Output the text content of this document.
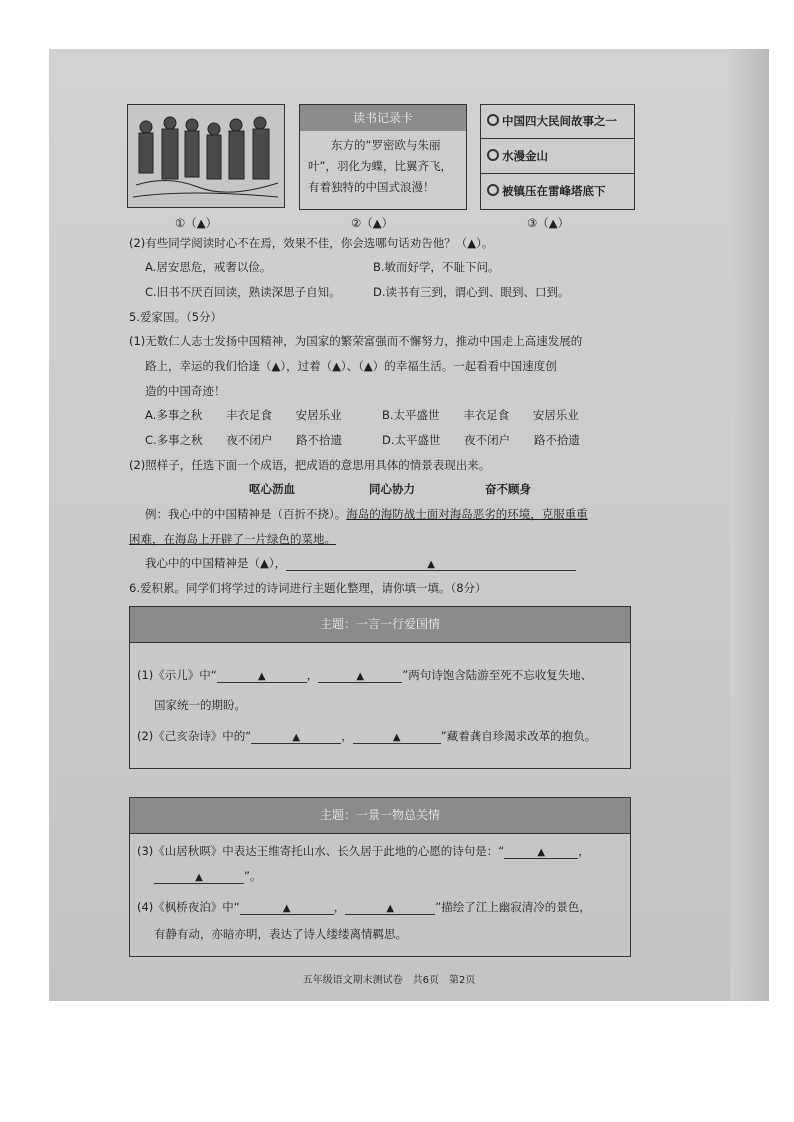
读书记录卡
东方的“罗密欧与朱丽叶”，羽化为蝶，比翼齐飞，有着独特的中国式浪漫！
中国四大民间故事之一
水漫金山
被镇压在雷峰塔底下
①（▲）	②（▲）	③（▲）
(2)有些同学阅读时心不在焉，效果不佳，你会选哪句话劝告他？（▲）。
A.居安思危，戒奢以俭。	B.敏而好学，不耻下问。
C.旧书不厌百回读，熟读深思子自知。	D.读书有三到，谓心到、眼到、口到。
5.爱家国。（5分）
(1)无数仁人志士发扬中国精神，为国家的繁荣富强而不懈努力，推动中国走上高速发展的
路上，幸运的我们恰逢（▲），过着（▲）、（▲）的幸福生活。一起看看中国速度创
造的中国奇迹！
A.多事之秋 丰衣足食 安居乐业	B.太平盛世 丰衣足食 安居乐业
C.多事之秋 夜不闭户 路不拾遗	D.太平盛世 夜不闭户 路不拾遗
(2)照样子，任选下面一个成语，把成语的意思用具体的情景表现出来。
呕心沥血	同心协力	奋不顾身
例：我心中的中国精神是（百折不挠）。海岛的海防战士面对海岛恶劣的环境，克服重重
困难，在海岛上开辟了一片绿色的菜地。
我心中的中国精神是（▲），	▲
6.爱积累。同学们将学过的诗词进行主题化整理，请你填一填。（8分）
主题：一言一行爱国情
(1)《示儿》中“	▲	，	▲	”两句诗饱含陆游至死不忘收复失地、
国家统一的期盼。
(2)《己亥杂诗》中的“	▲	，	▲	”藏着龚自珍渴求改革的抱负。
主题：一景一物总关情
(3)《山居秋暝》中表达王维寄托山水、长久居于此地的心愿的诗句是：“	▲	，
▲	”。
(4)《枫桥夜泊》中“	▲	，	▲	”描绘了江上幽寂清冷的景色，
有静有动，亦暗亦明，表达了诗人缕缕离情羁思。
五年级语文期末测试卷　共6页　第2页
